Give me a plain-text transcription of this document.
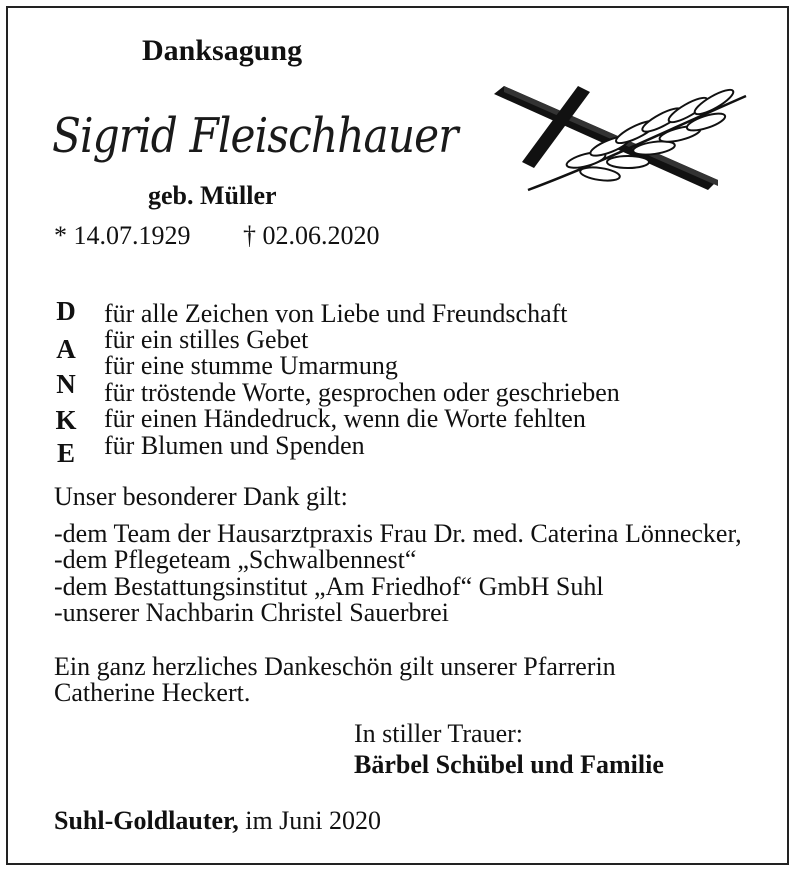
Danksagung
Sigrid Fleischhauer
geb. Müller
* 14.07.1929 † 02.06.2020
D
A
N
K
E
für alle Zeichen von Liebe und Freundschaft
für ein stilles Gebet
für eine stumme Umarmung
für tröstende Worte, gesprochen oder geschrieben
für einen Händedruck, wenn die Worte fehlten
für Blumen und Spenden
Unser besonderer Dank gilt:
-dem Team der Hausarztpraxis Frau Dr. med. Caterina Lönnecker,
-dem Pflegeteam „Schwalbennest“
-dem Bestattungsinstitut „Am Friedhof“ GmbH Suhl
-unserer Nachbarin Christel Sauerbrei
Ein ganz herzliches Dankeschön gilt unserer Pfarrerin
Catherine Heckert.
In stiller Trauer:
Bärbel Schübel und Familie
Suhl-Goldlauter, im Juni 2020
